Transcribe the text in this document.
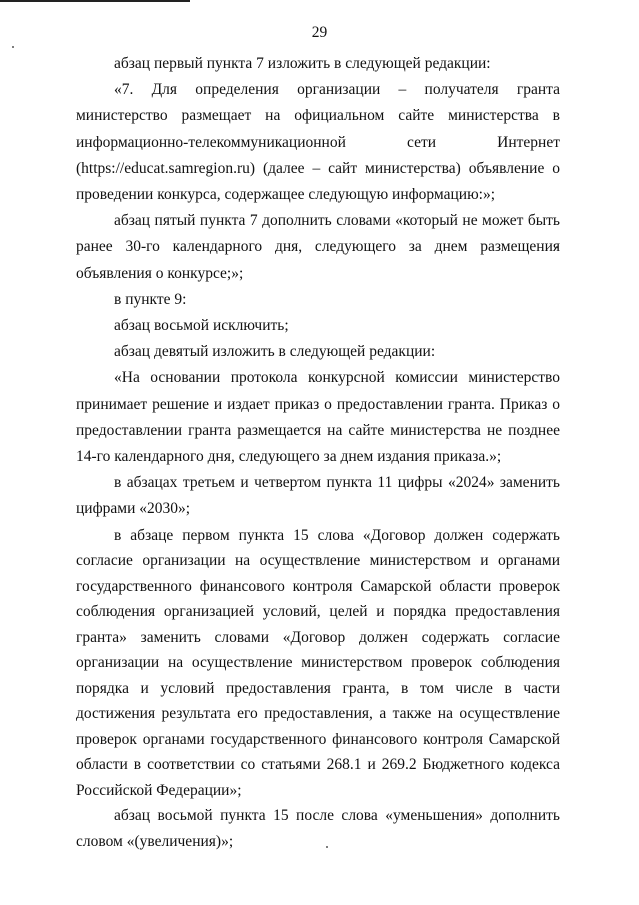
29

абзац первый пункта 7 изложить в следующей редакции:

«7. Для определения организации – получателя гранта министерство размещает на официальном сайте министерства в информационно-телекоммуникационной сети Интернет (https://educat.samregion.ru) (далее – сайт министерства) объявление о проведении конкурса, содержащее следующую информацию:»;

абзац пятый пункта 7 дополнить словами «который не может быть ранее 30-го календарного дня, следующего за днем размещения объявления о конкурсе;»;

в пункте 9:

абзац восьмой исключить;

абзац девятый изложить в следующей редакции:

«На основании протокола конкурсной комиссии министерство принимает решение и издает приказ о предоставлении гранта. Приказ о предоставлении гранта размещается на сайте министерства не позднее 14-го календарного дня, следующего за днем издания приказа.»;

в абзацах третьем и четвертом пункта 11 цифры «2024» заменить цифрами «2030»;

в абзаце первом пункта 15 слова «Договор должен содержать согласие организации на осуществление министерством и органами государственного финансового контроля Самарской области проверок соблюдения организацией условий, целей и порядка предоставления гранта» заменить словами «Договор должен содержать согласие организации на осуществление министерством проверок соблюдения порядка и условий предоставления гранта, в том числе в части достижения результата его предоставления, а также на осуществление проверок органами государственного финансового контроля Самарской области в соответствии со статьями 268.1 и 269.2 Бюджетного кодекса Российской Федерации»;

абзац восьмой пункта 15 после слова «уменьшения» дополнить словом «(увеличения)»;
